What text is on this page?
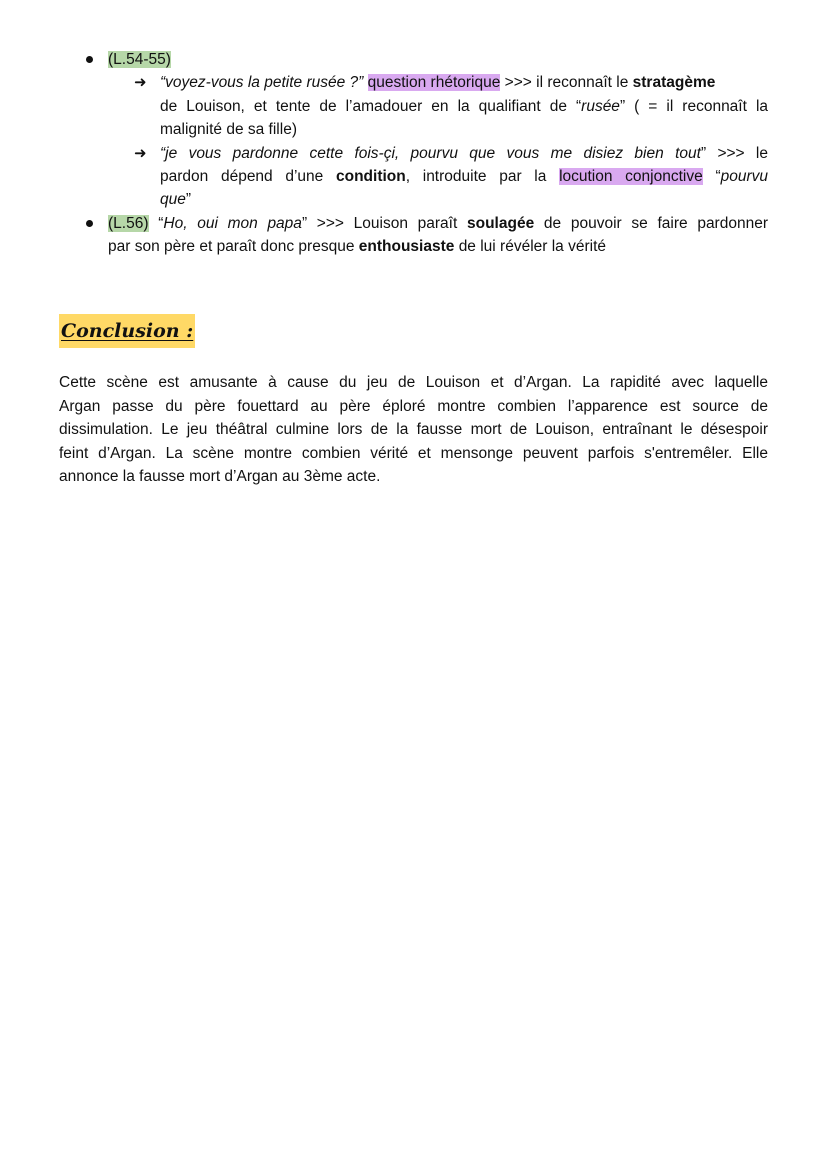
(L.54-55)
➜ “voyez-vous la petite rusée ?” question rhétorique >>> il reconnaît le stratagème
de Louison, et tente de l’amadouer en la qualifiant de “rusée” ( = il reconnaît la
malignité de sa fille)
➜ “je vous pardonne cette fois-çi, pourvu que vous me disiez bien tout” >>> le
pardon dépend d’une condition, introduite par la locution conjonctive “pourvu
que”
(L.56) “Ho, oui mon papa” >>> Louison paraît soulagée de pouvoir se faire pardonner
par son père et paraît donc presque enthousiaste de lui révéler la vérité
Conclusion :
Cette scène est amusante à cause du jeu de Louison et d’Argan. La rapidité avec laquelle
Argan passe du père fouettard au père éploré montre combien l’apparence est source de
dissimulation. Le jeu théâtral culmine lors de la fausse mort de Louison, entraînant le désespoir
feint d’Argan. La scène montre combien vérité et mensonge peuvent parfois s'entremêler. Elle
annonce la fausse mort d’Argan au 3ème acte.
